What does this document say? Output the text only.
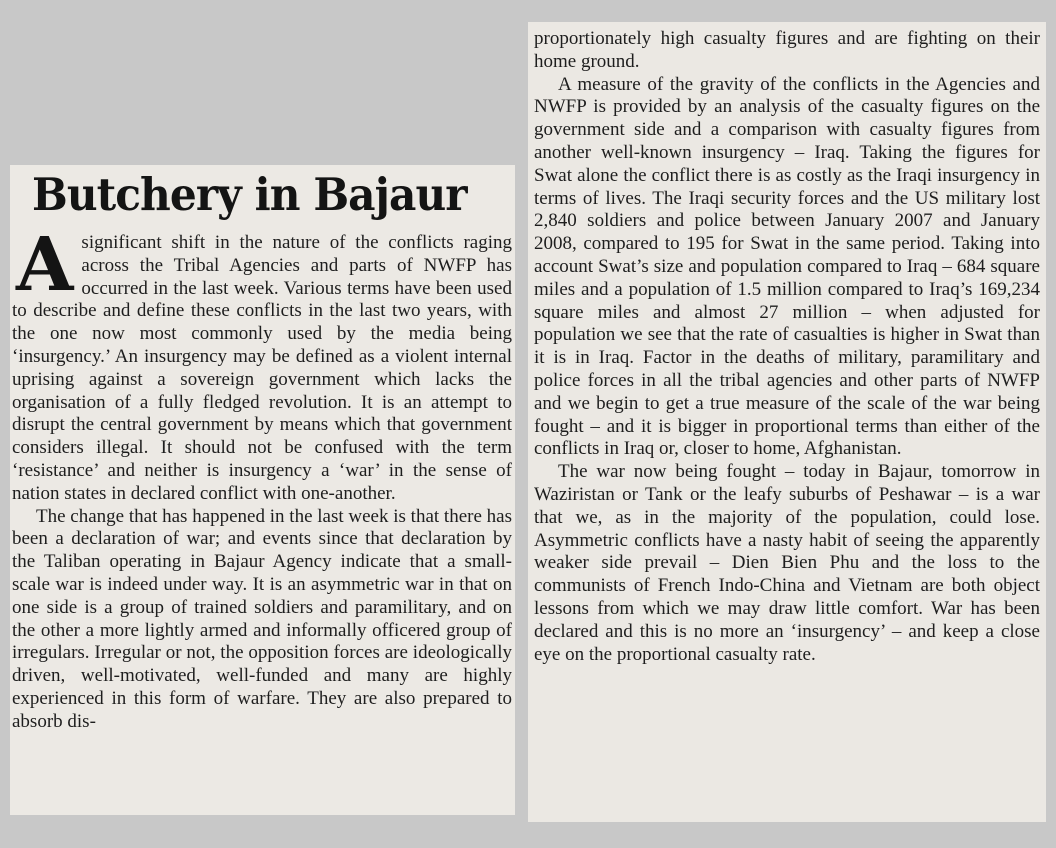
Butchery in Bajaur

Asignificant shift in the nature of the conflicts raging across the Tribal Agencies and parts of NWFP has occurred in the last week. Various terms have been used to describe and define these conflicts in the last two years, with the one now most commonly used by the media being ‘insurgency.’ An insurgency may be defined as a violent internal uprising against a sovereign government which lacks the organisation of a fully fledged revolution. It is an attempt to disrupt the central government by means which that government considers illegal. It should not be confused with the term ‘resistance’ and neither is insurgency a ‘war’ in the sense of nation states in declared conflict with one-another.

The change that has happened in the last week is that there has been a declaration of war; and events since that declaration by the Taliban operating in Bajaur Agency indicate that a small-scale war is indeed under way. It is an asymmetric war in that on one side is a group of trained soldiers and paramilitary, and on the other a more lightly armed and informally officered group of irregulars. Irregular or not, the opposition forces are ideologically driven, well-motivated, well-funded and many are highly experienced in this form of warfare. They are also prepared to absorb dis-

proportionately high casualty figures and are fighting on their home ground.

A measure of the gravity of the conflicts in the Agencies and NWFP is provided by an analysis of the casualty figures on the government side and a comparison with casualty figures from another well-known insurgency – Iraq. Taking the figures for Swat alone the conflict there is as costly as the Iraqi insurgency in terms of lives. The Iraqi security forces and the US military lost 2,840 soldiers and police between January 2007 and January 2008, compared to 195 for Swat in the same period. Taking into account Swat’s size and population compared to Iraq – 684 square miles and a population of 1.5 million compared to Iraq’s 169,234 square miles and almost 27 million – when adjusted for population we see that the rate of casualties is higher in Swat than it is in Iraq. Factor in the deaths of military, paramilitary and police forces in all the tribal agencies and other parts of NWFP and we begin to get a true measure of the scale of the war being fought – and it is bigger in proportional terms than either of the conflicts in Iraq or, closer to home, Afghanistan.

The war now being fought – today in Bajaur, tomorrow in Waziristan or Tank or the leafy suburbs of Peshawar – is a war that we, as in the majority of the population, could lose. Asymmetric conflicts have a nasty habit of seeing the apparently weaker side prevail – Dien Bien Phu and the loss to the communists of French Indo-China and Vietnam are both object lessons from which we may draw little comfort. War has been declared and this is no more an ‘insurgency’ – and keep a close eye on the proportional casualty rate.
